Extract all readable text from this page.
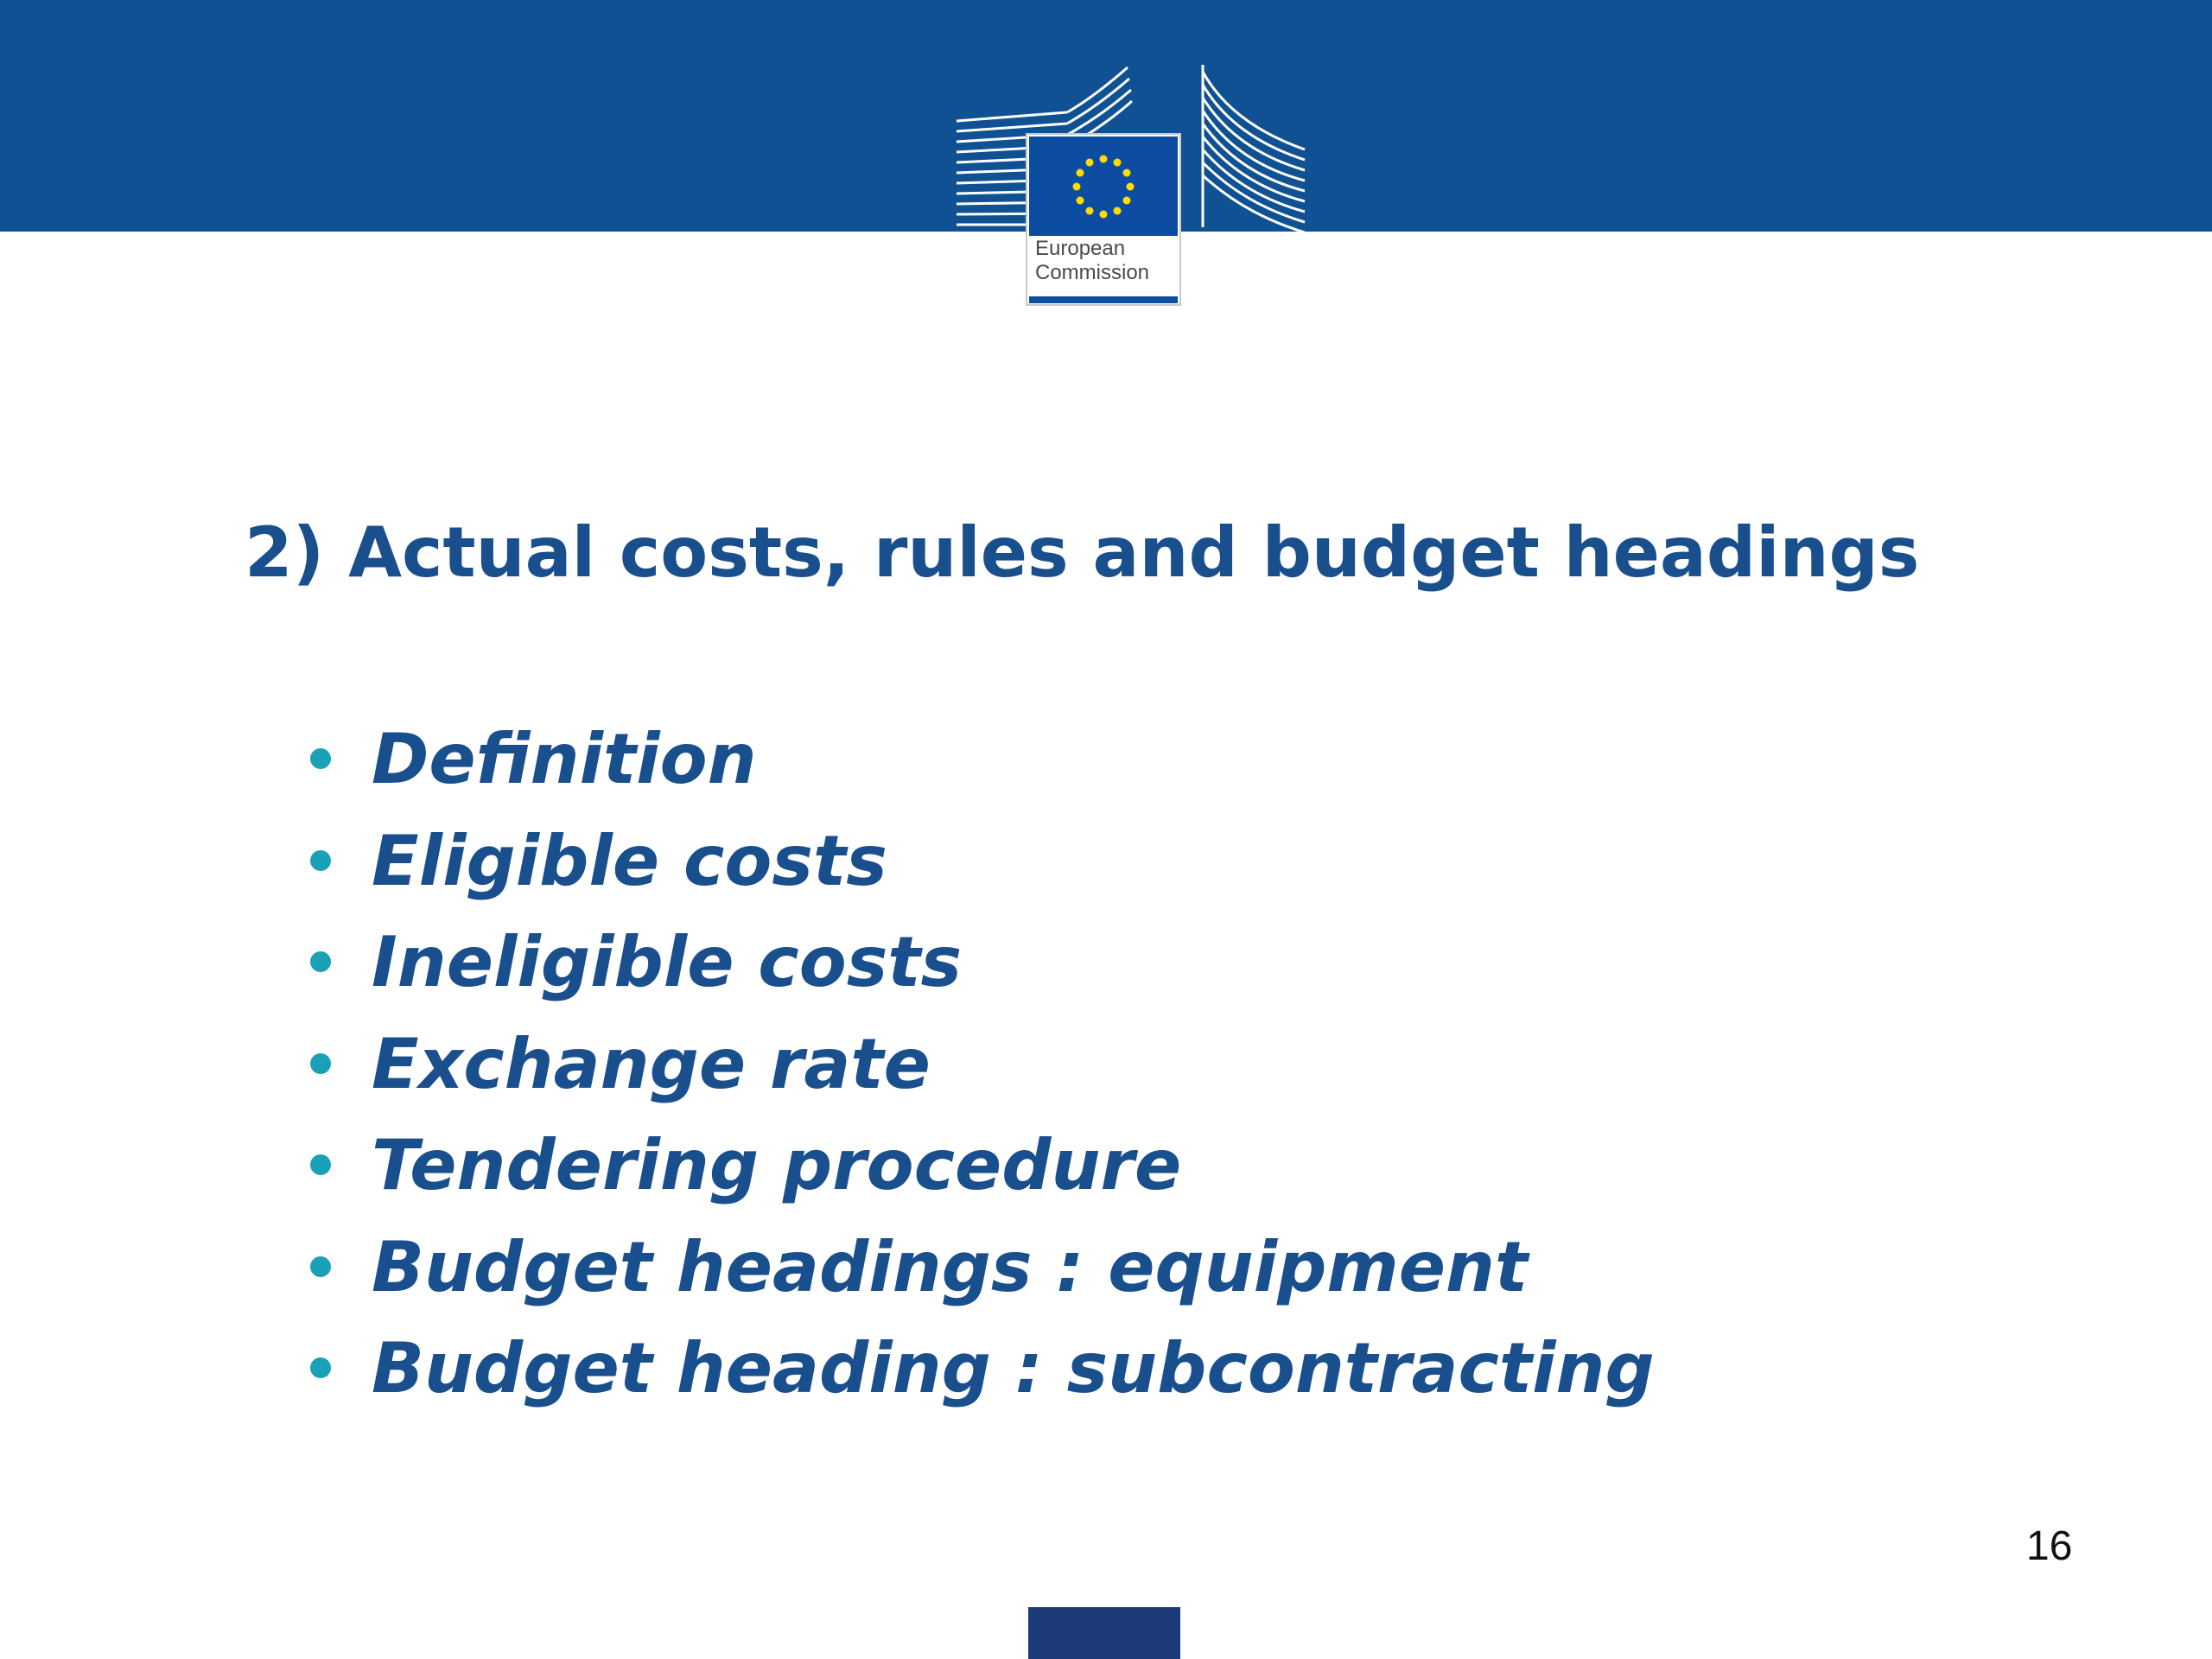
European
Commission
2) Actual costs, rules and budget headings
Definition
Eligible costs
Ineligible costs
Exchange rate
Tendering procedure
Budget headings : equipment
Budget heading : subcontracting
16
